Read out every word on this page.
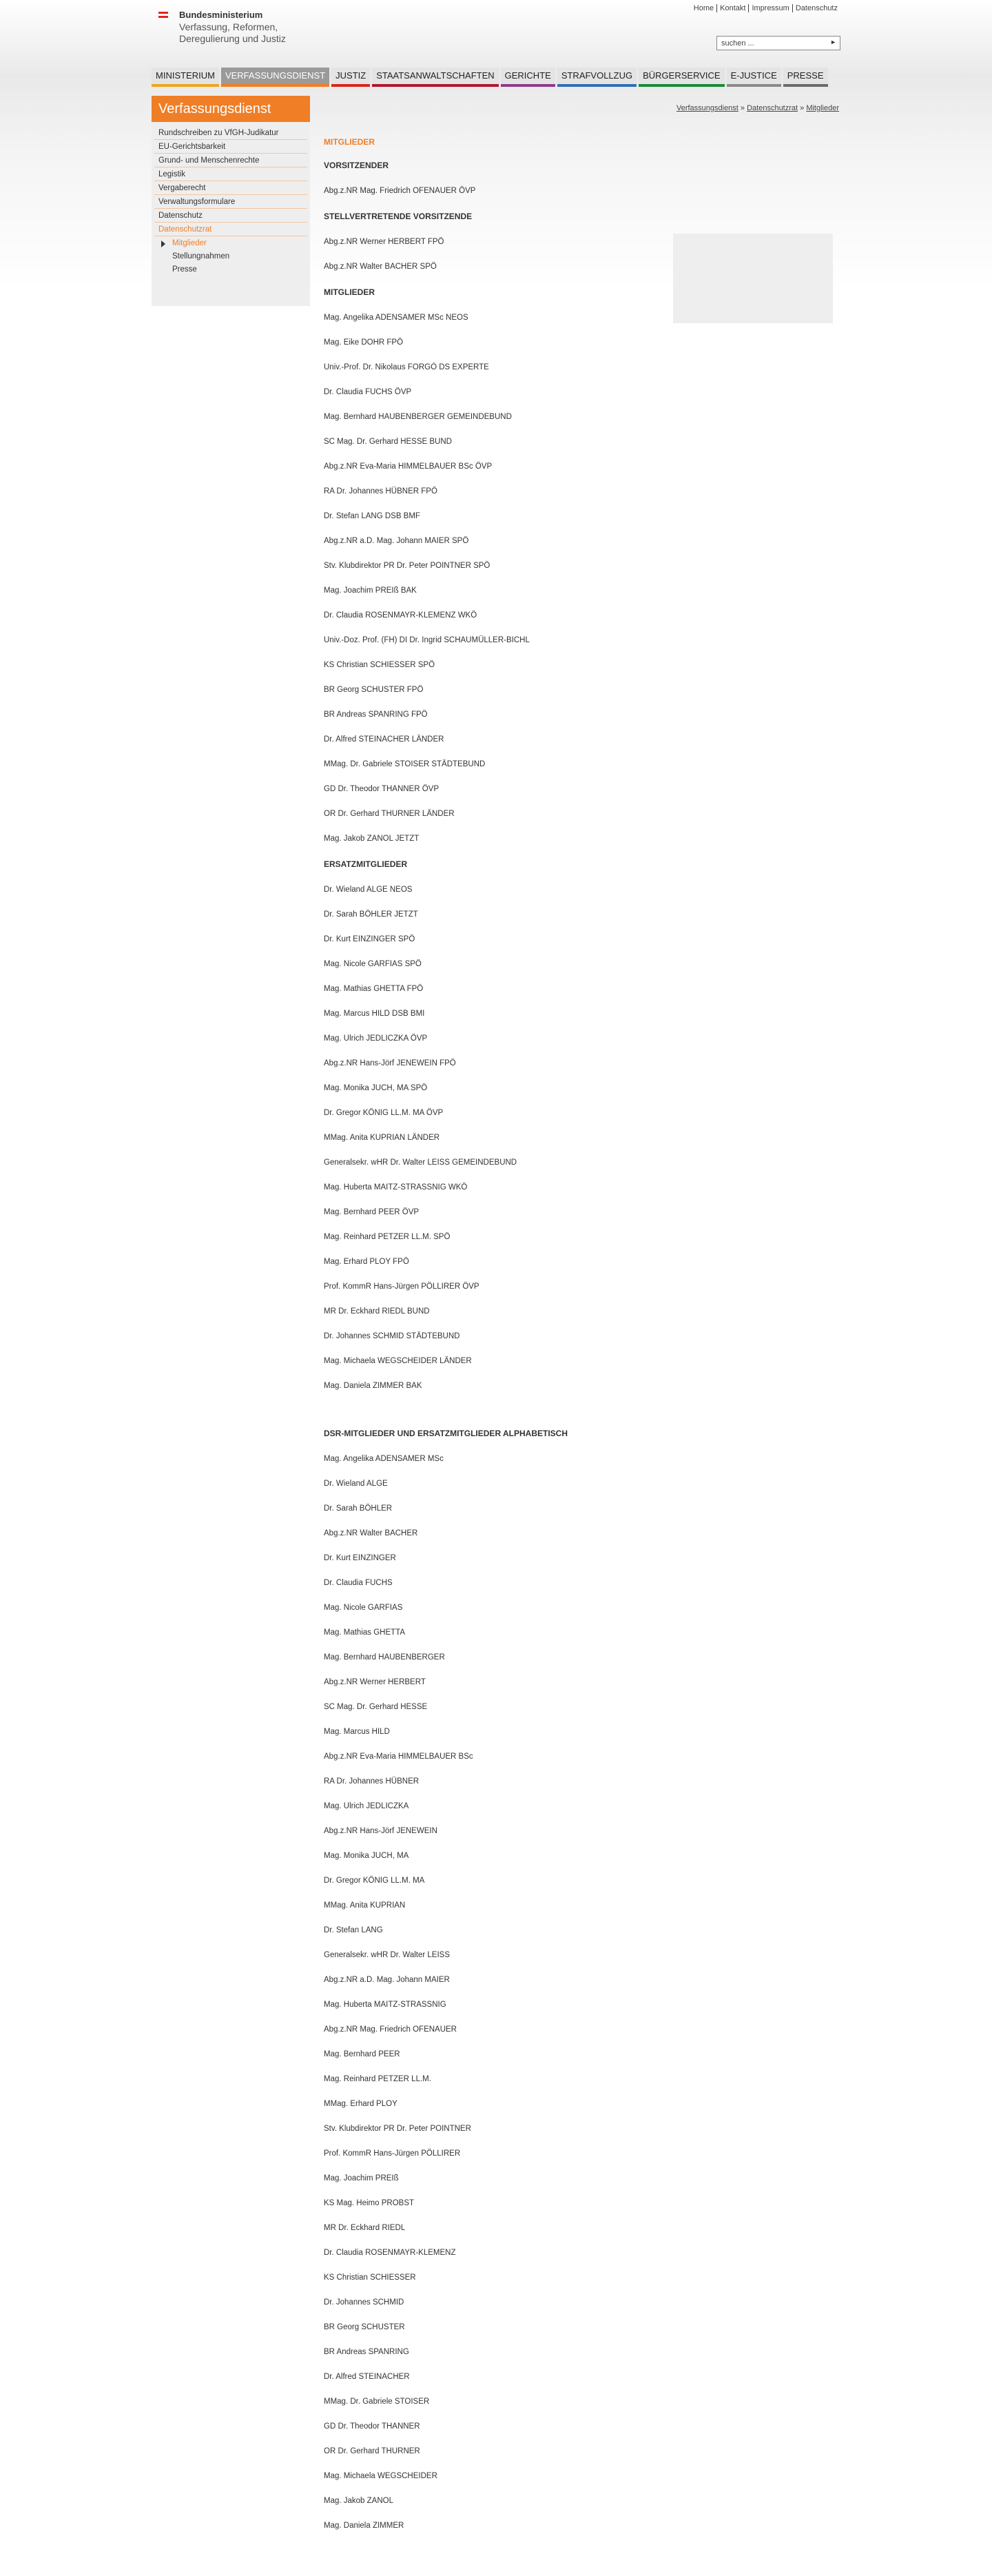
Bundesministerium
Verfassung, Reformen,
Deregulierung und Justiz
Home Kontakt Impressum Datenschutz
suchen ...
►
MINISTERIUM	VERFASSUNGSDIENST	JUSTIZ	STAATSANWALTSCHAFTEN	GERICHTE	STRAFVOLLZUG	BÜRGERSERVICE	E-JUSTICE	PRESSE
Verfassungsdienst
Rundschreiben zu VfGH-Judikatur
EU-Gerichtsbarkeit
Grund- und Menschenrechte
Legistik
Vergaberecht
Verwaltungsformulare
Datenschutz
Datenschutzrat
Mitglieder
Stellungnahmen
Presse
Verfassungsdienst » Datenschutzrat » Mitglieder
MITGLIEDER
VORSITZENDER
Abg.z.NR Mag. Friedrich OFENAUER ÖVP
STELLVERTRETENDE VORSITZENDE
Abg.z.NR Werner HERBERT FPÖ
Abg.z.NR Walter BACHER SPÖ
MITGLIEDER
Mag. Angelika ADENSAMER MSc NEOS
Mag. Eike DOHR FPÖ
Univ.-Prof. Dr. Nikolaus FORGÓ DS EXPERTE
Dr. Claudia FUCHS ÖVP
Mag. Bernhard HAUBENBERGER GEMEINDEBUND
SC Mag. Dr. Gerhard HESSE BUND
Abg.z.NR Eva-Maria HIMMELBAUER BSc ÖVP
RA Dr. Johannes HÜBNER FPÖ
Dr. Stefan LANG DSB BMF
Abg.z.NR a.D. Mag. Johann MAIER SPÖ
Stv. Klubdirektor PR Dr. Peter POINTNER SPÖ
Mag. Joachim PREIß BAK
Dr. Claudia ROSENMAYR-KLEMENZ WKÖ
Univ.-Doz. Prof. (FH) DI Dr. Ingrid SCHAUMÜLLER-BICHL
KS Christian SCHIESSER SPÖ
BR Georg SCHUSTER FPÖ
BR Andreas SPANRING FPÖ
Dr. Alfred STEINACHER LÄNDER
MMag. Dr. Gabriele STOISER STÄDTEBUND
GD Dr. Theodor THANNER ÖVP
OR Dr. Gerhard THURNER LÄNDER
Mag. Jakob ZANOL JETZT
ERSATZMITGLIEDER
Dr. Wieland ALGE NEOS
Dr. Sarah BÖHLER JETZT
Dr. Kurt EINZINGER SPÖ
Mag. Nicole GARFIAS SPÖ
Mag. Mathias GHETTA FPÖ
Mag. Marcus HILD DSB BMI
Mag. Ulrich JEDLICZKA ÖVP
Abg.z.NR Hans-Jörf JENEWEIN FPÖ
Mag. Monika JUCH, MA SPÖ
Dr. Gregor KÖNIG LL.M. MA ÖVP
MMag. Anita KUPRIAN LÄNDER
Generalsekr. wHR Dr. Walter LEISS GEMEINDEBUND
Mag. Huberta MAITZ-STRASSNIG WKÖ
Mag. Bernhard PEER ÖVP
Mag. Reinhard PETZER LL.M. SPÖ
Mag. Erhard PLOY FPÖ
Prof. KommR Hans-Jürgen PÖLLIRER ÖVP
MR Dr. Eckhard RIEDL BUND
Dr. Johannes SCHMID STÄDTEBUND
Mag. Michaela WEGSCHEIDER LÄNDER
Mag. Daniela ZIMMER BAK
DSR-MITGLIEDER UND ERSATZMITGLIEDER ALPHABETISCH
Mag. Angelika ADENSAMER MSc
Dr. Wieland ALGE
Dr. Sarah BÖHLER
Abg.z.NR Walter BACHER
Dr. Kurt EINZINGER
Dr. Claudia FUCHS
Mag. Nicole GARFIAS
Mag. Mathias GHETTA
Mag. Bernhard HAUBENBERGER
Abg.z.NR Werner HERBERT
SC Mag. Dr. Gerhard HESSE
Mag. Marcus HILD
Abg.z.NR Eva-Maria HIMMELBAUER BSc
RA Dr. Johannes HÜBNER
Mag. Ulrich JEDLICZKA
Abg.z.NR Hans-Jörf JENEWEIN
Mag. Monika JUCH, MA
Dr. Gregor KÖNIG LL.M. MA
MMag. Anita KUPRIAN
Dr. Stefan LANG
Generalsekr. wHR Dr. Walter LEISS
Abg.z.NR a.D. Mag. Johann MAIER
Mag. Huberta MAITZ-STRASSNIG
Abg.z.NR Mag. Friedrich OFENAUER
Mag. Bernhard PEER
Mag. Reinhard PETZER LL.M.
MMag. Erhard PLOY
Stv. Klubdirektor PR Dr. Peter POINTNER
Prof. KommR Hans-Jürgen PÖLLIRER
Mag. Joachim PREIß
KS Mag. Heimo PROBST
MR Dr. Eckhard RIEDL
Dr. Claudia ROSENMAYR-KLEMENZ
KS Christian SCHIESSER
Dr. Johannes SCHMID
BR Georg SCHUSTER
BR Andreas SPANRING
Dr. Alfred STEINACHER
MMag. Dr. Gabriele STOISER
GD Dr. Theodor THANNER
OR Dr. Gerhard THURNER
Mag. Michaela WEGSCHEIDER
Mag. Jakob ZANOL
Mag. Daniela ZIMMER
